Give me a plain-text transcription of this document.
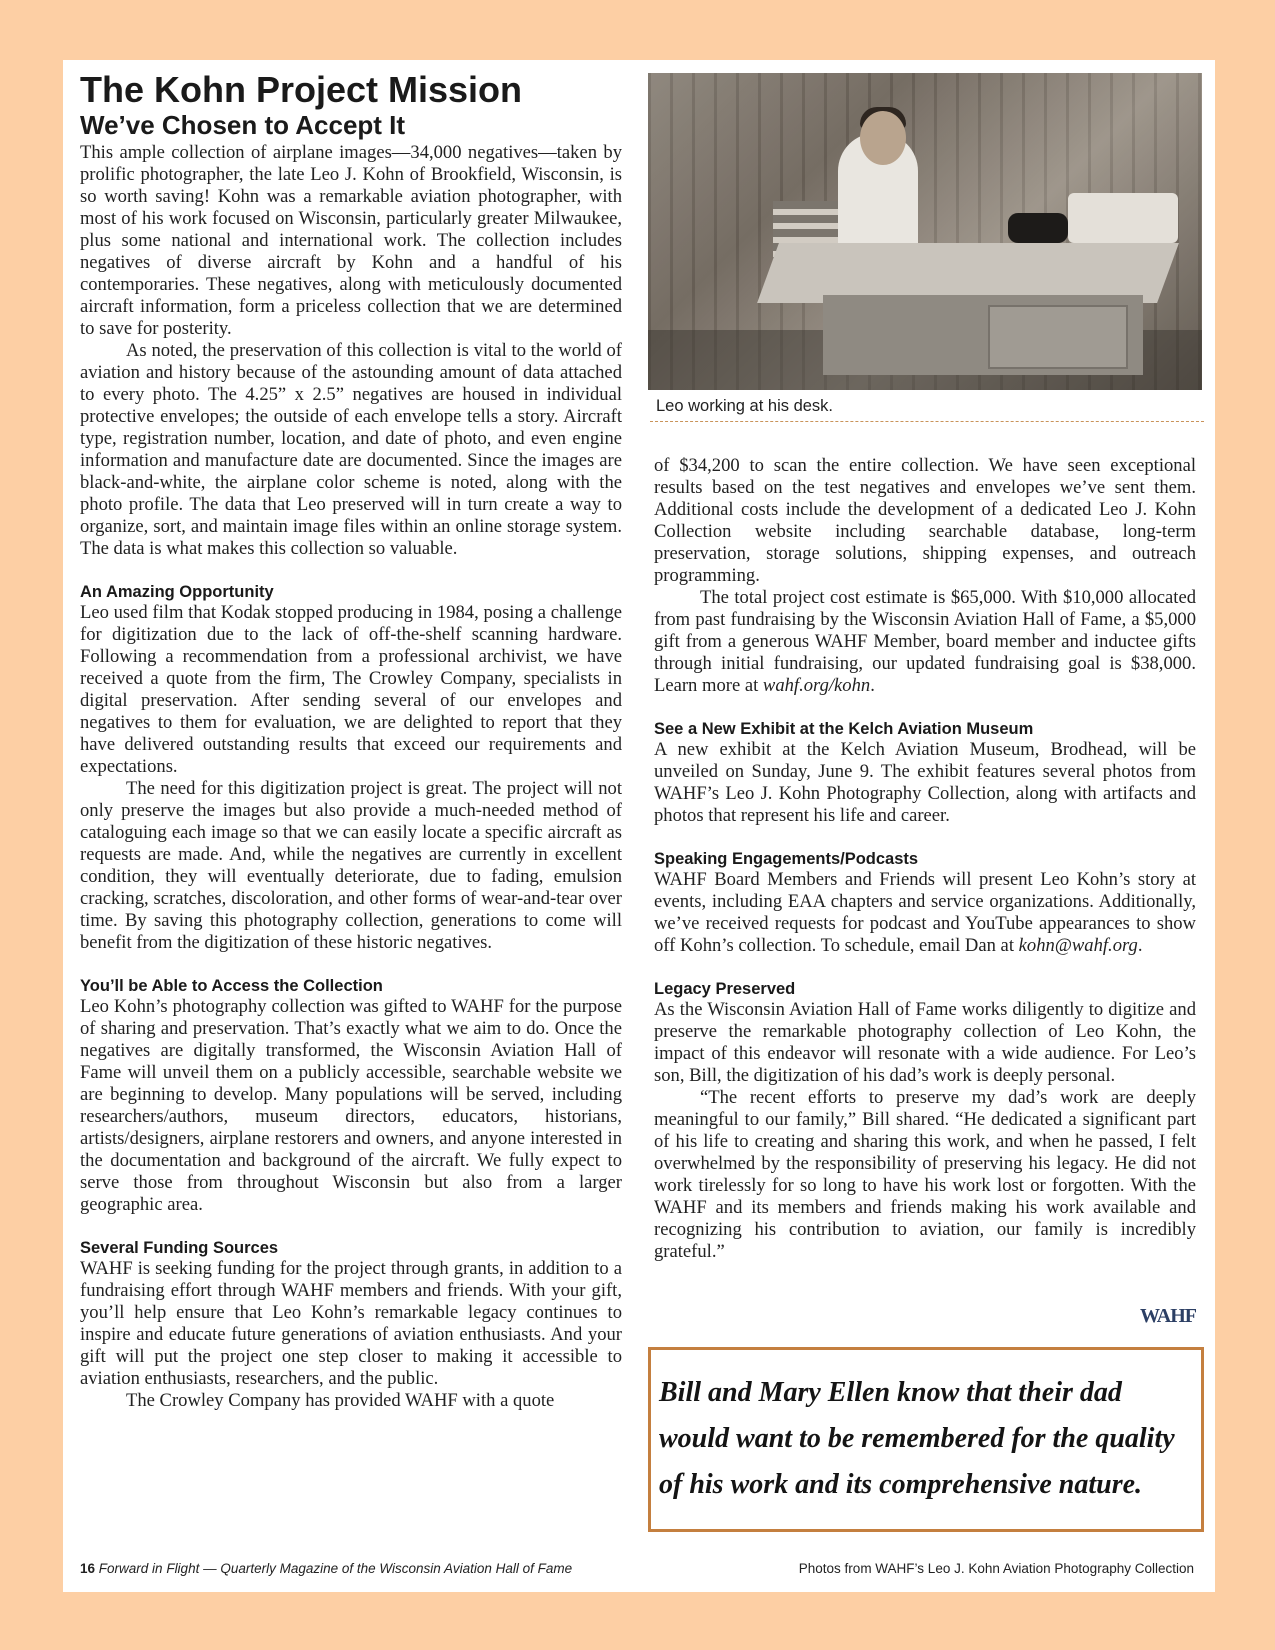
The Kohn Project Mission
We’ve Chosen to Accept It

This ample collection of airplane images—34,000 negatives—taken by prolific photographer, the late Leo J. Kohn of Brookfield, Wisconsin, is so worth saving! Kohn was a remarkable aviation photographer, with most of his work focused on Wisconsin, particularly greater Milwaukee, plus some national and international work. The collection includes negatives of diverse aircraft by Kohn and a handful of his contemporaries. These negatives, along with meticulously documented aircraft information, form a priceless collection that we are determined to save for posterity.

As noted, the preservation of this collection is vital to the world of aviation and history because of the astounding amount of data attached to every photo. The 4.25” x 2.5” negatives are housed in individual protective envelopes; the outside of each envelope tells a story. Aircraft type, registration number, location, and date of photo, and even engine information and manufacture date are documented. Since the images are black-and-white, the airplane color scheme is noted, along with the photo profile. The data that Leo preserved will in turn create a way to organize, sort, and maintain image files within an online storage system. The data is what makes this collection so valuable.

An Amazing Opportunity

Leo used film that Kodak stopped producing in 1984, posing a challenge for digitization due to the lack of off-the-shelf scanning hardware. Following a recommendation from a professional archivist, we have received a quote from the firm, The Crowley Company, specialists in digital preservation. After sending several of our envelopes and negatives to them for evaluation, we are delighted to report that they have delivered outstanding results that exceed our requirements and expectations.

The need for this digitization project is great. The project will not only preserve the images but also provide a much-needed method of cataloguing each image so that we can easily locate a specific aircraft as requests are made. And, while the negatives are currently in excellent condition, they will eventually deteriorate, due to fading, emulsion cracking, scratches, discoloration, and other forms of wear-and-tear over time. By saving this photography collection, generations to come will benefit from the digitization of these historic negatives.

You’ll be Able to Access the Collection

Leo Kohn’s photography collection was gifted to WAHF for the purpose of sharing and preservation. That’s exactly what we aim to do. Once the negatives are digitally transformed, the Wisconsin Aviation Hall of Fame will unveil them on a publicly accessible, searchable website we are beginning to develop. Many populations will be served, including researchers/authors, museum directors, educators, historians, artists/designers, airplane restorers and owners, and anyone interested in the documentation and background of the aircraft. We fully expect to serve those from throughout Wisconsin but also from a larger geographic area.

Several Funding Sources

WAHF is seeking funding for the project through grants, in addition to a fundraising effort through WAHF members and friends. With your gift, you’ll help ensure that Leo Kohn’s remarkable legacy continues to inspire and educate future generations of aviation enthusiasts. And your gift will put the project one step closer to making it accessible to aviation enthusiasts, researchers, and the public.

The Crowley Company has provided WAHF with a quote

Leo working at his desk.

of $34,200 to scan the entire collection. We have seen exceptional results based on the test negatives and envelopes we’ve sent them. Additional costs include the development of a dedicated Leo J. Kohn Collection website including searchable database, long-term preservation, storage solutions, shipping expenses, and outreach programming.

The total project cost estimate is $65,000. With $10,000 allocated from past fundraising by the Wisconsin Aviation Hall of Fame, a $5,000 gift from a generous WAHF Member, board member and inductee gifts through initial fundraising, our updated fundraising goal is $38,000. Learn more at wahf.org/kohn.

See a New Exhibit at the Kelch Aviation Museum

A new exhibit at the Kelch Aviation Museum, Brodhead, will be unveiled on Sunday, June 9. The exhibit features several photos from WAHF’s Leo J. Kohn Photography Collection, along with artifacts and photos that represent his life and career.

Speaking Engagements/Podcasts

WAHF Board Members and Friends will present Leo Kohn’s story at events, including EAA chapters and service organizations. Additionally, we’ve received requests for podcast and YouTube appearances to show off Kohn’s collection. To schedule, email Dan at kohn@wahf.org.

Legacy Preserved

As the Wisconsin Aviation Hall of Fame works diligently to digitize and preserve the remarkable photography collection of Leo Kohn, the impact of this endeavor will resonate with a wide audience. For Leo’s son, Bill, the digitization of his dad’s work is deeply personal.

“The recent efforts to preserve my dad’s work are deeply meaningful to our family,” Bill shared. “He dedicated a significant part of his life to creating and sharing this work, and when he passed, I felt overwhelmed by the responsibility of preserving his legacy. He did not work tirelessly for so long to have his work lost or forgotten. With the WAHF and its members and friends making his work available and recognizing his contribution to aviation, our family is incredibly grateful.”

WAHF
Bill and Mary Ellen know that their dad would want to be remembered for the quality of his work and its comprehensive nature.
16 Forward in Flight — Quarterly Magazine of the Wisconsin Aviation Hall of Fame	Photos from WAHF’s Leo J. Kohn Aviation Photography Collection
